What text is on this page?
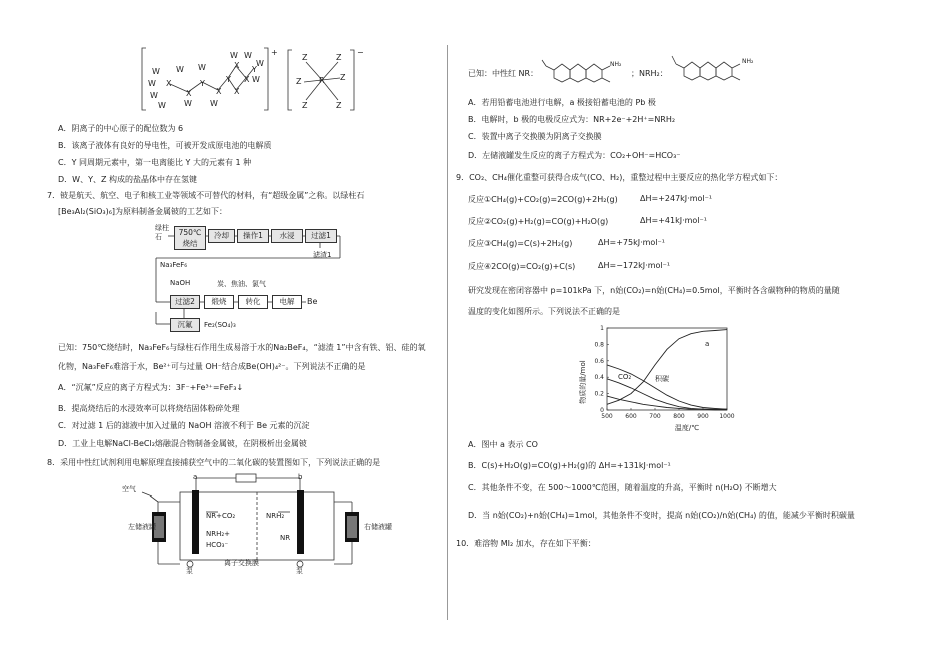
W
W
W
W
W
W
W
W
W W
W
W
X
X
Y
X
Y
X
X
X
Y
+	−
R
Z	Z
Z	Z
Z	Z
A．阴离子的中心原子的配位数为 6
B．该离子液体有良好的导电性，可被开发成原电池的电解质
C．Y 同周期元素中，第一电离能比 Y 大的元素有 1 种
D．W、Y、Z 构成的盐晶体中存在氢键
7．铍是航天、航空、电子和核工业等领域不可替代的材料，有“超级金属”之称。以绿柱石
[Be₃Al₂(SiO₃)₆]为原料制备金属铍的工艺如下：
绿柱石	750℃烧结
冷却	操作1	水浸	过滤1
滤渣1
Na₃FeF₆
NaOH	炭、焦油、氯气
过滤2	煅烧	转化	电解	Be
沉氟	Fe₂(SO₄)₃
已知：750℃烧结时，Na₃FeF₆与绿柱石作用生成易溶于水的Na₂BeF₄，“滤渣 1”中含有铁、铝、硅的氧
化物，Na₃FeF₆难溶于水，Be²⁺可与过量 OH⁻结合成Be(OH)₄²⁻。下列说法不正确的是
A．“沉氟”反应的离子方程式为：3F⁻+Fe³⁺=FeF₃↓
B．提高烧结后的水浸效率可以将烧结固体粉碎处理
C．对过滤 1 后的滤液中加入过量的 NaOH 溶液不利于 Be 元素的沉淀
D．工业上电解NaCl-BeCl₂熔融混合物制备金属铍，在阴极析出金属铍
8．采用中性红试剂利用电解原理直接捕获空气中的二氧化碳的装置图如下，下列说法正确的是
空气
左储液罐	右储液罐
a	b
NR+CO₂
NRH₂+
HCO₃⁻
NRH₂
NR
离子交换膜
泵	泵
已知：中性红 NR：
NH₂
；NRH₂：
NH₂
A．若用铅蓄电池进行电解，a 极接铅蓄电池的 Pb 极
B．电解时，b 极的电极反应式为：NR+2e⁻+2H⁺=NRH₂
C．装置中离子交换膜为阴离子交换膜
D．左储液罐发生反应的离子方程式为：CO₂+OH⁻=HCO₃⁻
9．CO₂、CH₄催化重整可获得合成气(CO、H₂)，重整过程中主要反应的热化学方程式如下：
反应①CH₄(g)+CO₂(g)=2CO(g)+2H₂(g)	ΔH=+247kJ·mol⁻¹
反应②CO₂(g)+H₂(g)=CO(g)+H₂O(g)	ΔH=+41kJ·mol⁻¹
反应③CH₄(g)=C(s)+2H₂(g)	ΔH=+75kJ·mol⁻¹
反应④2CO(g)=CO₂(g)+C(s)	ΔH=−172kJ·mol⁻¹
研究发现在密闭容器中 p=101kPa 下，n始(CO₂)=n始(CH₄)=0.5mol，平衡时各含碳物种的物质的量随
温度的变化如图所示。下列说法不正确的是
500 600 700 800 900 1000
0
0.2
0.4
0.6
0.8
1
物质的量/mol
温度/℃
a
CO₂	积碳
A．图中 a 表示 CO
B．C(s)+H₂O(g)=CO(g)+H₂(g)的 ΔH=+131kJ·mol⁻¹
C．其他条件不变，在 500～1000℃范围，随着温度的升高，平衡时 n(H₂O) 不断增大
D．当 n始(CO₂)+n始(CH₄)=1mol，其他条件不变时，提高 n始(CO₂)/n始(CH₄) 的值，能减少平衡时积碳量
10．难溶物 MI₂ 加水，存在如下平衡：
